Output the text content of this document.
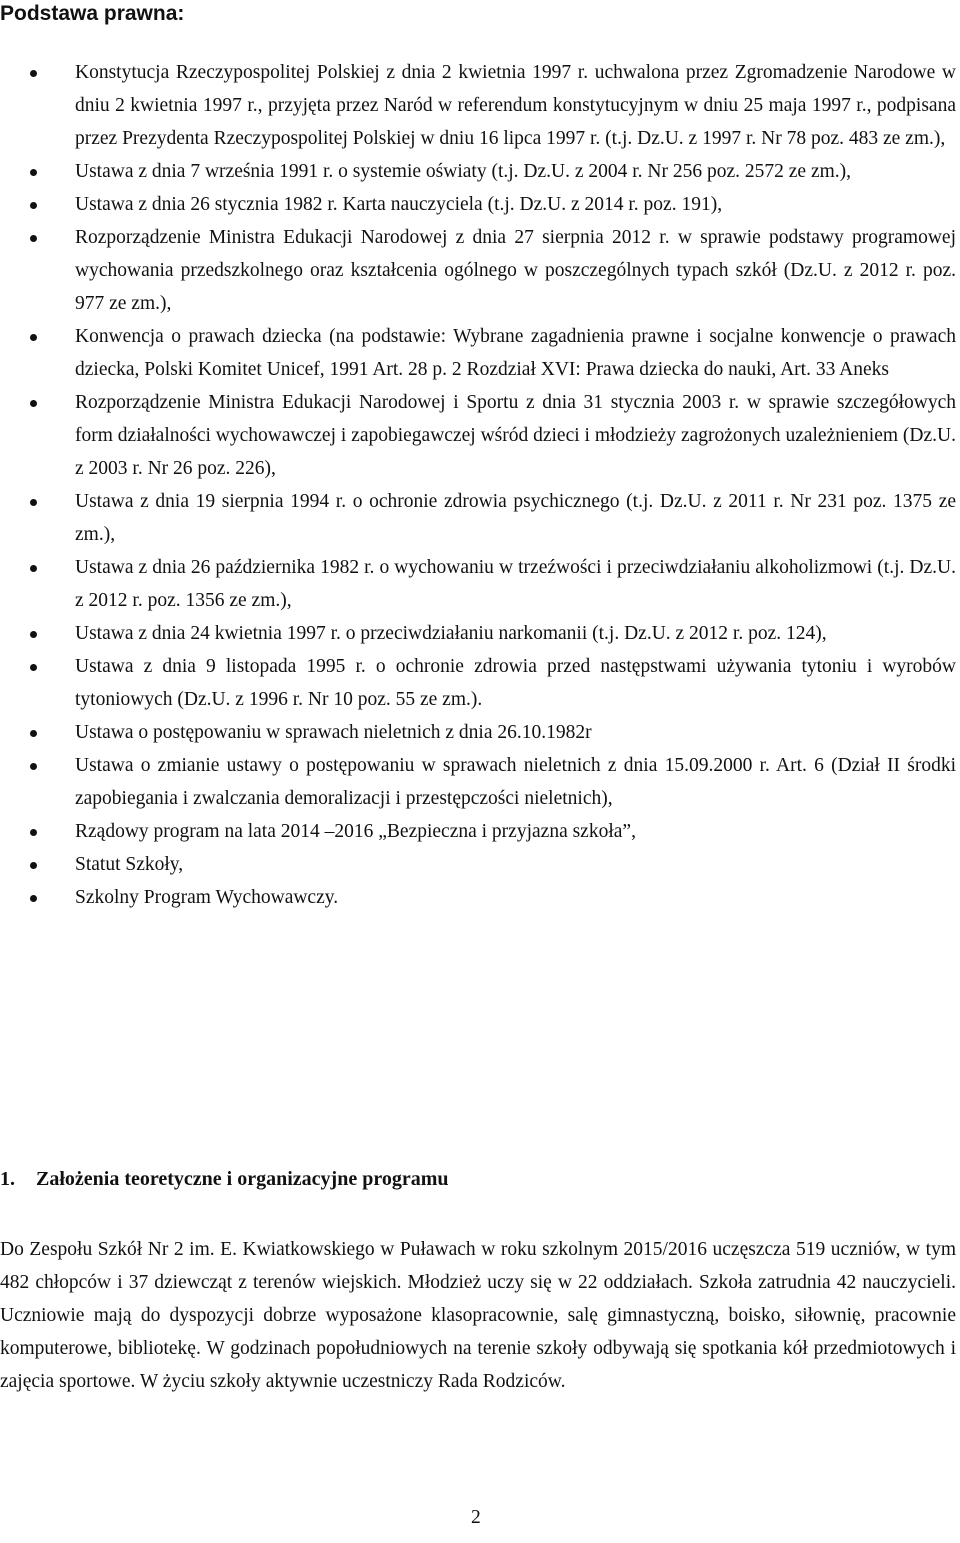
Podstawa prawna:
Konstytucja Rzeczypospolitej Polskiej z dnia 2 kwietnia 1997 r. uchwalona przez Zgromadzenie Narodowe w dniu 2 kwietnia 1997 r., przyjęta przez Naród w referendum konstytucyjnym w dniu 25 maja 1997 r., podpisana przez Prezydenta Rzeczypospolitej Polskiej w dniu 16 lipca 1997 r. (t.j. Dz.U. z 1997 r. Nr 78 poz. 483 ze zm.),
Ustawa z dnia 7 września 1991 r. o systemie oświaty (t.j. Dz.U. z 2004 r. Nr 256 poz. 2572 ze zm.),
Ustawa z dnia 26 stycznia 1982 r. Karta nauczyciela (t.j. Dz.U. z 2014 r. poz. 191),
Rozporządzenie Ministra Edukacji Narodowej z dnia 27 sierpnia 2012 r. w sprawie podstawy programowej wychowania przedszkolnego oraz kształcenia ogólnego w poszczególnych typach szkół (Dz.U. z 2012 r. poz. 977 ze zm.),
Konwencja o prawach dziecka (na podstawie: Wybrane zagadnienia prawne i socjalne konwencje o prawach dziecka, Polski Komitet Unicef, 1991 Art. 28 p. 2 Rozdział XVI: Prawa dziecka do nauki, Art. 33 Aneks
Rozporządzenie Ministra Edukacji Narodowej i Sportu z dnia 31 stycznia 2003 r. w sprawie szczegółowych form działalności wychowawczej i zapobiegawczej wśród dzieci i młodzieży zagrożonych uzależnieniem (Dz.U. z 2003 r. Nr 26 poz. 226),
Ustawa z dnia 19 sierpnia 1994 r. o ochronie zdrowia psychicznego (t.j. Dz.U. z 2011 r. Nr 231 poz. 1375 ze zm.),
Ustawa z dnia 26 października 1982 r. o wychowaniu w trzeźwości i przeciwdziałaniu alkoholizmowi (t.j. Dz.U. z 2012 r. poz. 1356 ze zm.),
Ustawa z dnia 24 kwietnia 1997 r. o przeciwdziałaniu narkomanii (t.j. Dz.U. z 2012 r. poz. 124),
Ustawa z dnia 9 listopada 1995 r. o ochronie zdrowia przed następstwami używania tytoniu i wyrobów tytoniowych (Dz.U. z 1996 r. Nr 10 poz. 55 ze zm.).
Ustawa o postępowaniu w sprawach nieletnich z dnia 26.10.1982r
Ustawa o zmianie ustawy o postępowaniu w sprawach nieletnich z dnia 15.09.2000 r. Art. 6 (Dział II środki zapobiegania i zwalczania demoralizacji i przestępczości nieletnich),
Rządowy program na lata 2014 –2016 „Bezpieczna i przyjazna szkoła”,
Statut Szkoły,
Szkolny Program Wychowawczy.
1. Założenia teoretyczne i organizacyjne programu

Do Zespołu Szkół Nr 2 im. E. Kwiatkowskiego w Puławach w roku szkolnym 2015/2016 uczęszcza 519 uczniów, w tym 482 chłopców i 37 dziewcząt z terenów wiejskich. Młodzież uczy się w 22 oddziałach. Szkoła zatrudnia 42 nauczycieli. Uczniowie mają do dyspozycji dobrze wyposażone klasopracownie, salę gimnastyczną, boisko, siłownię, pracownie komputerowe, bibliotekę. W godzinach popołudniowych na terenie szkoły odbywają się spotkania kół przedmiotowych i zajęcia sportowe. W życiu szkoły aktywnie uczestniczy Rada Rodziców.

2
